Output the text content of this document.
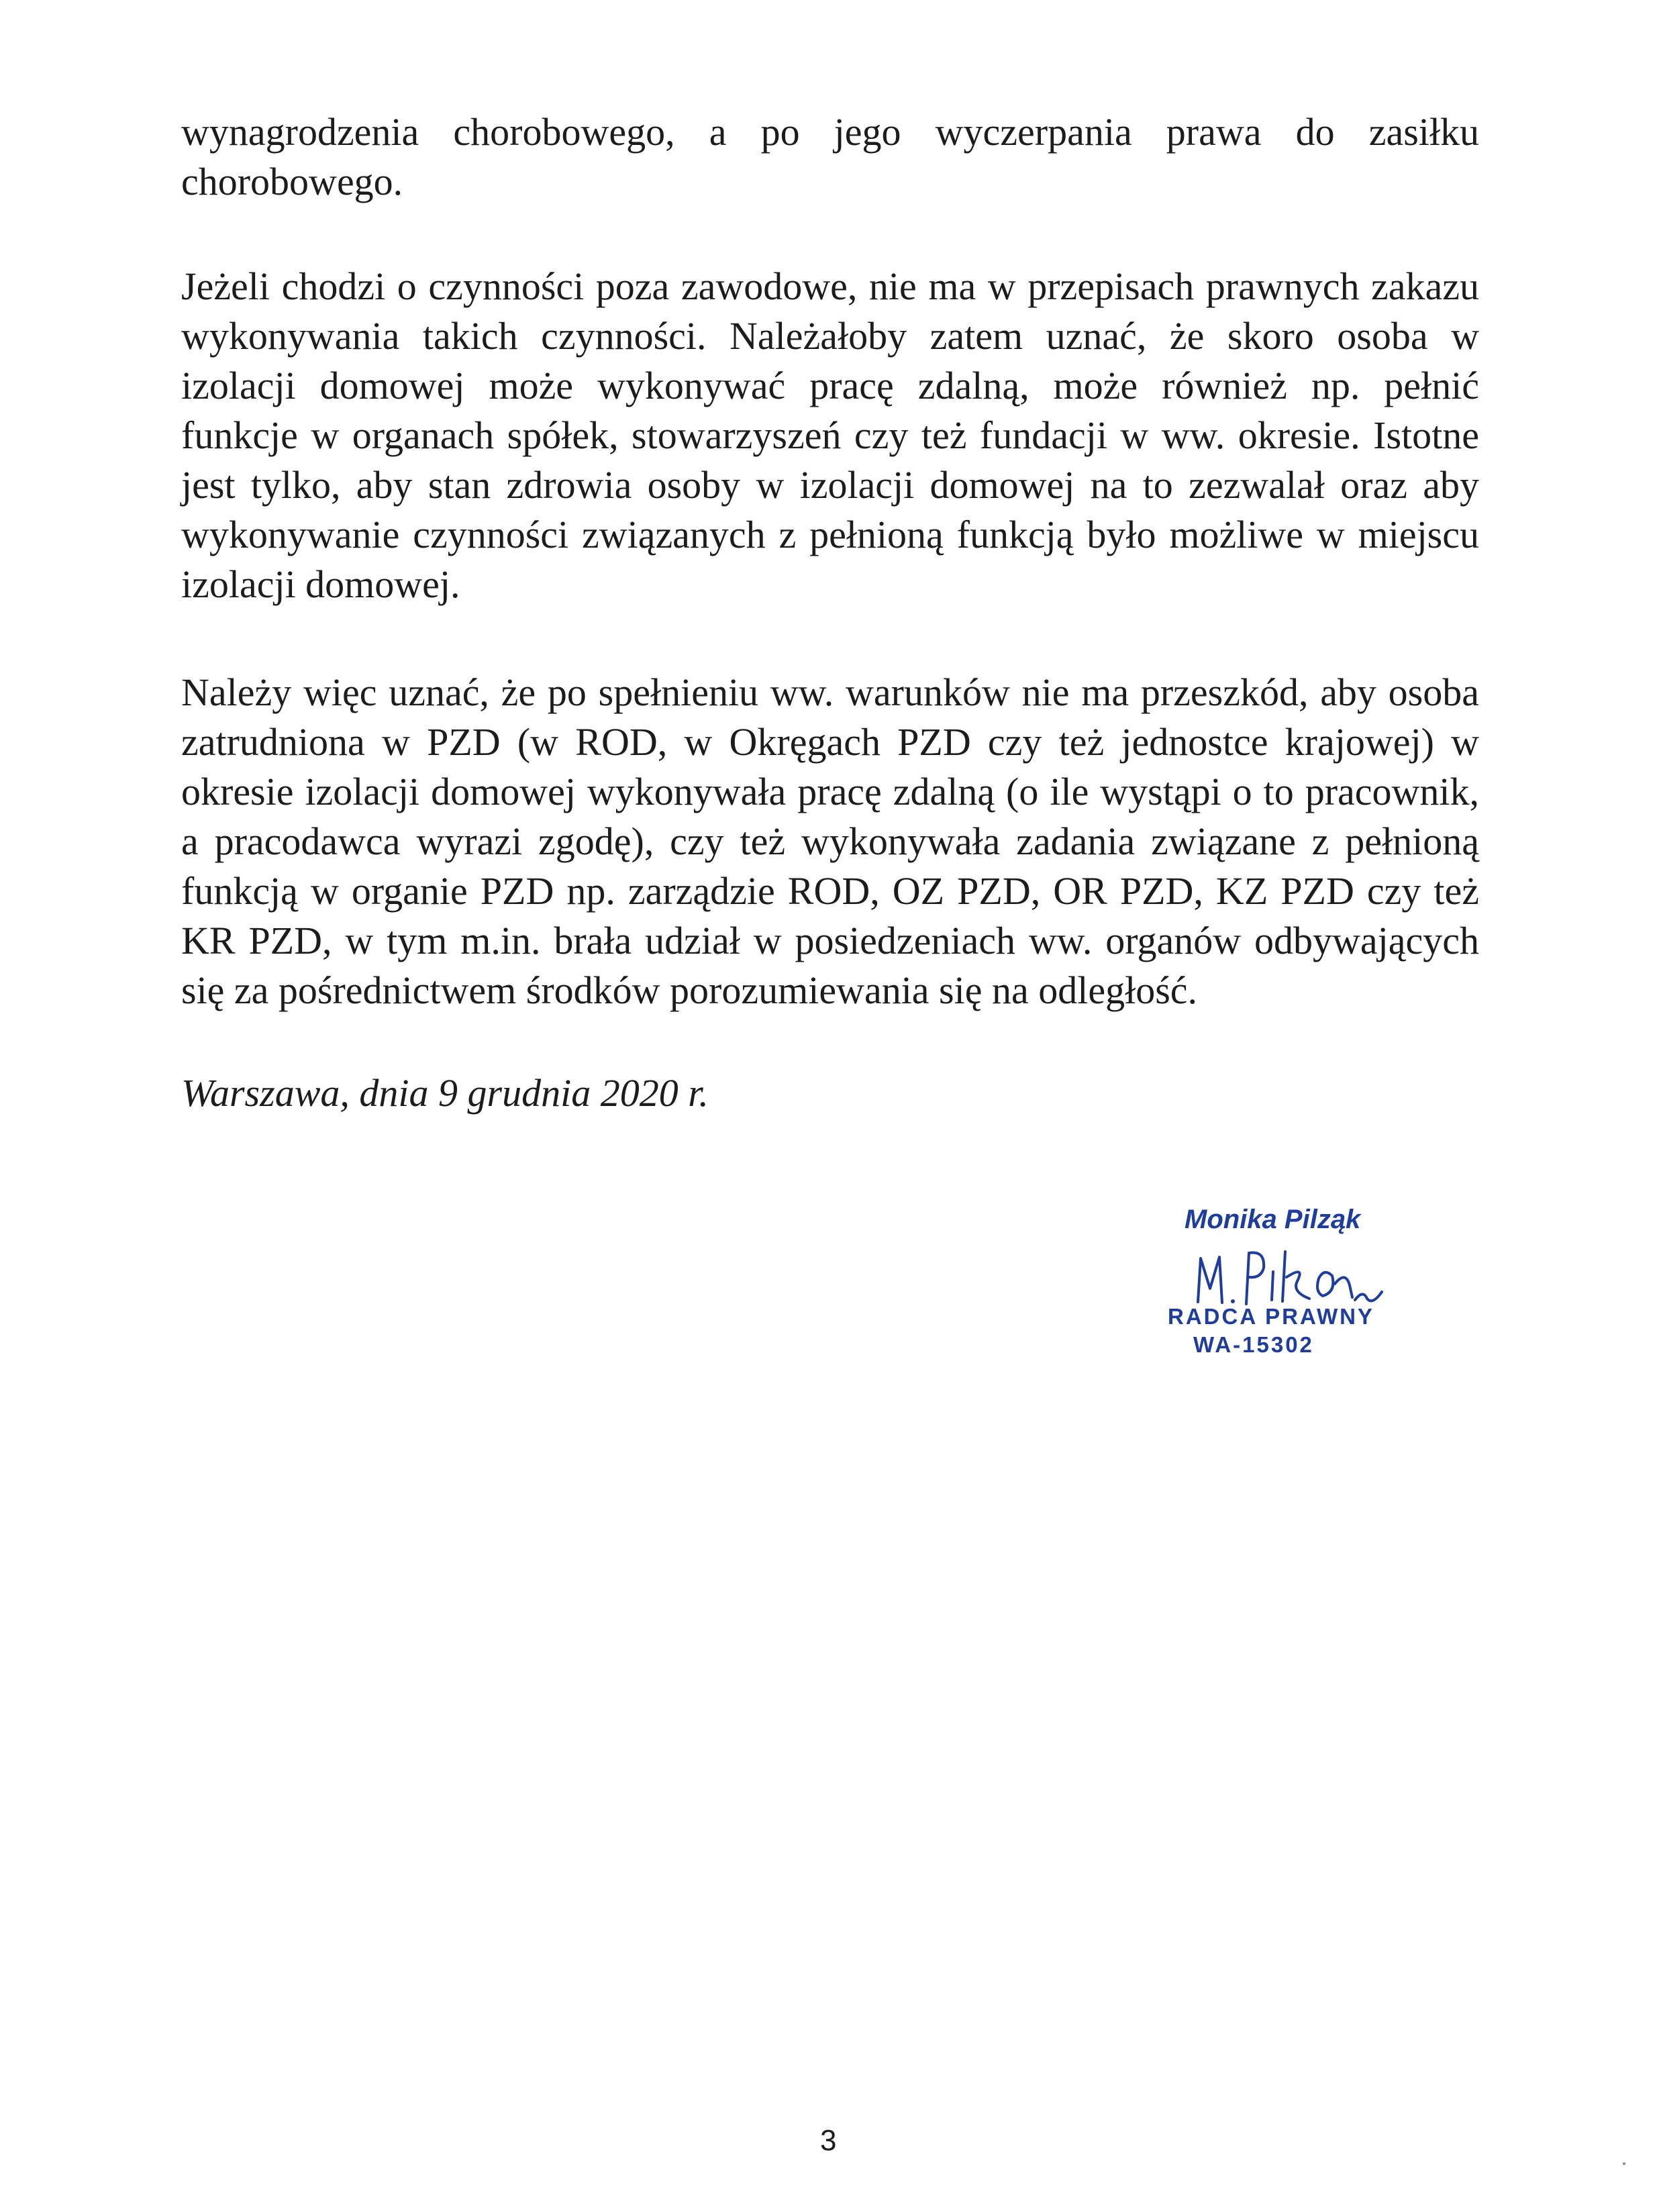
wynagrodzenia chorobowego, a po jego wyczerpania prawa do zasiłku
chorobowego.

Jeżeli chodzi o czynności poza zawodowe, nie ma w przepisach prawnych zakazu
wykonywania takich czynności. Należałoby zatem uznać, że skoro osoba w
izolacji domowej może wykonywać pracę zdalną, może również np. pełnić
funkcje w organach spółek, stowarzyszeń czy też fundacji w ww. okresie. Istotne
jest tylko, aby stan zdrowia osoby w izolacji domowej na to zezwalał oraz aby
wykonywanie czynności związanych z pełnioną funkcją było możliwe w miejscu
izolacji domowej.

Należy więc uznać, że po spełnieniu ww. warunków nie ma przeszkód, aby osoba
zatrudniona w PZD (w ROD, w Okręgach PZD czy też jednostce krajowej) w
okresie izolacji domowej wykonywała pracę zdalną (o ile wystąpi o to pracownik,
a pracodawca wyrazi zgodę), czy też wykonywała zadania związane z pełnioną
funkcją w organie PZD np. zarządzie ROD, OZ PZD, OR PZD, KZ PZD czy też
KR PZD, w tym m.in. brała udział w posiedzeniach ww. organów odbywających
się za pośrednictwem środków porozumiewania się na odległość.

Warszawa, dnia 9 grudnia 2020 r.
Monika Pilząk
RADCA PRAWNY
WA-15302
3
